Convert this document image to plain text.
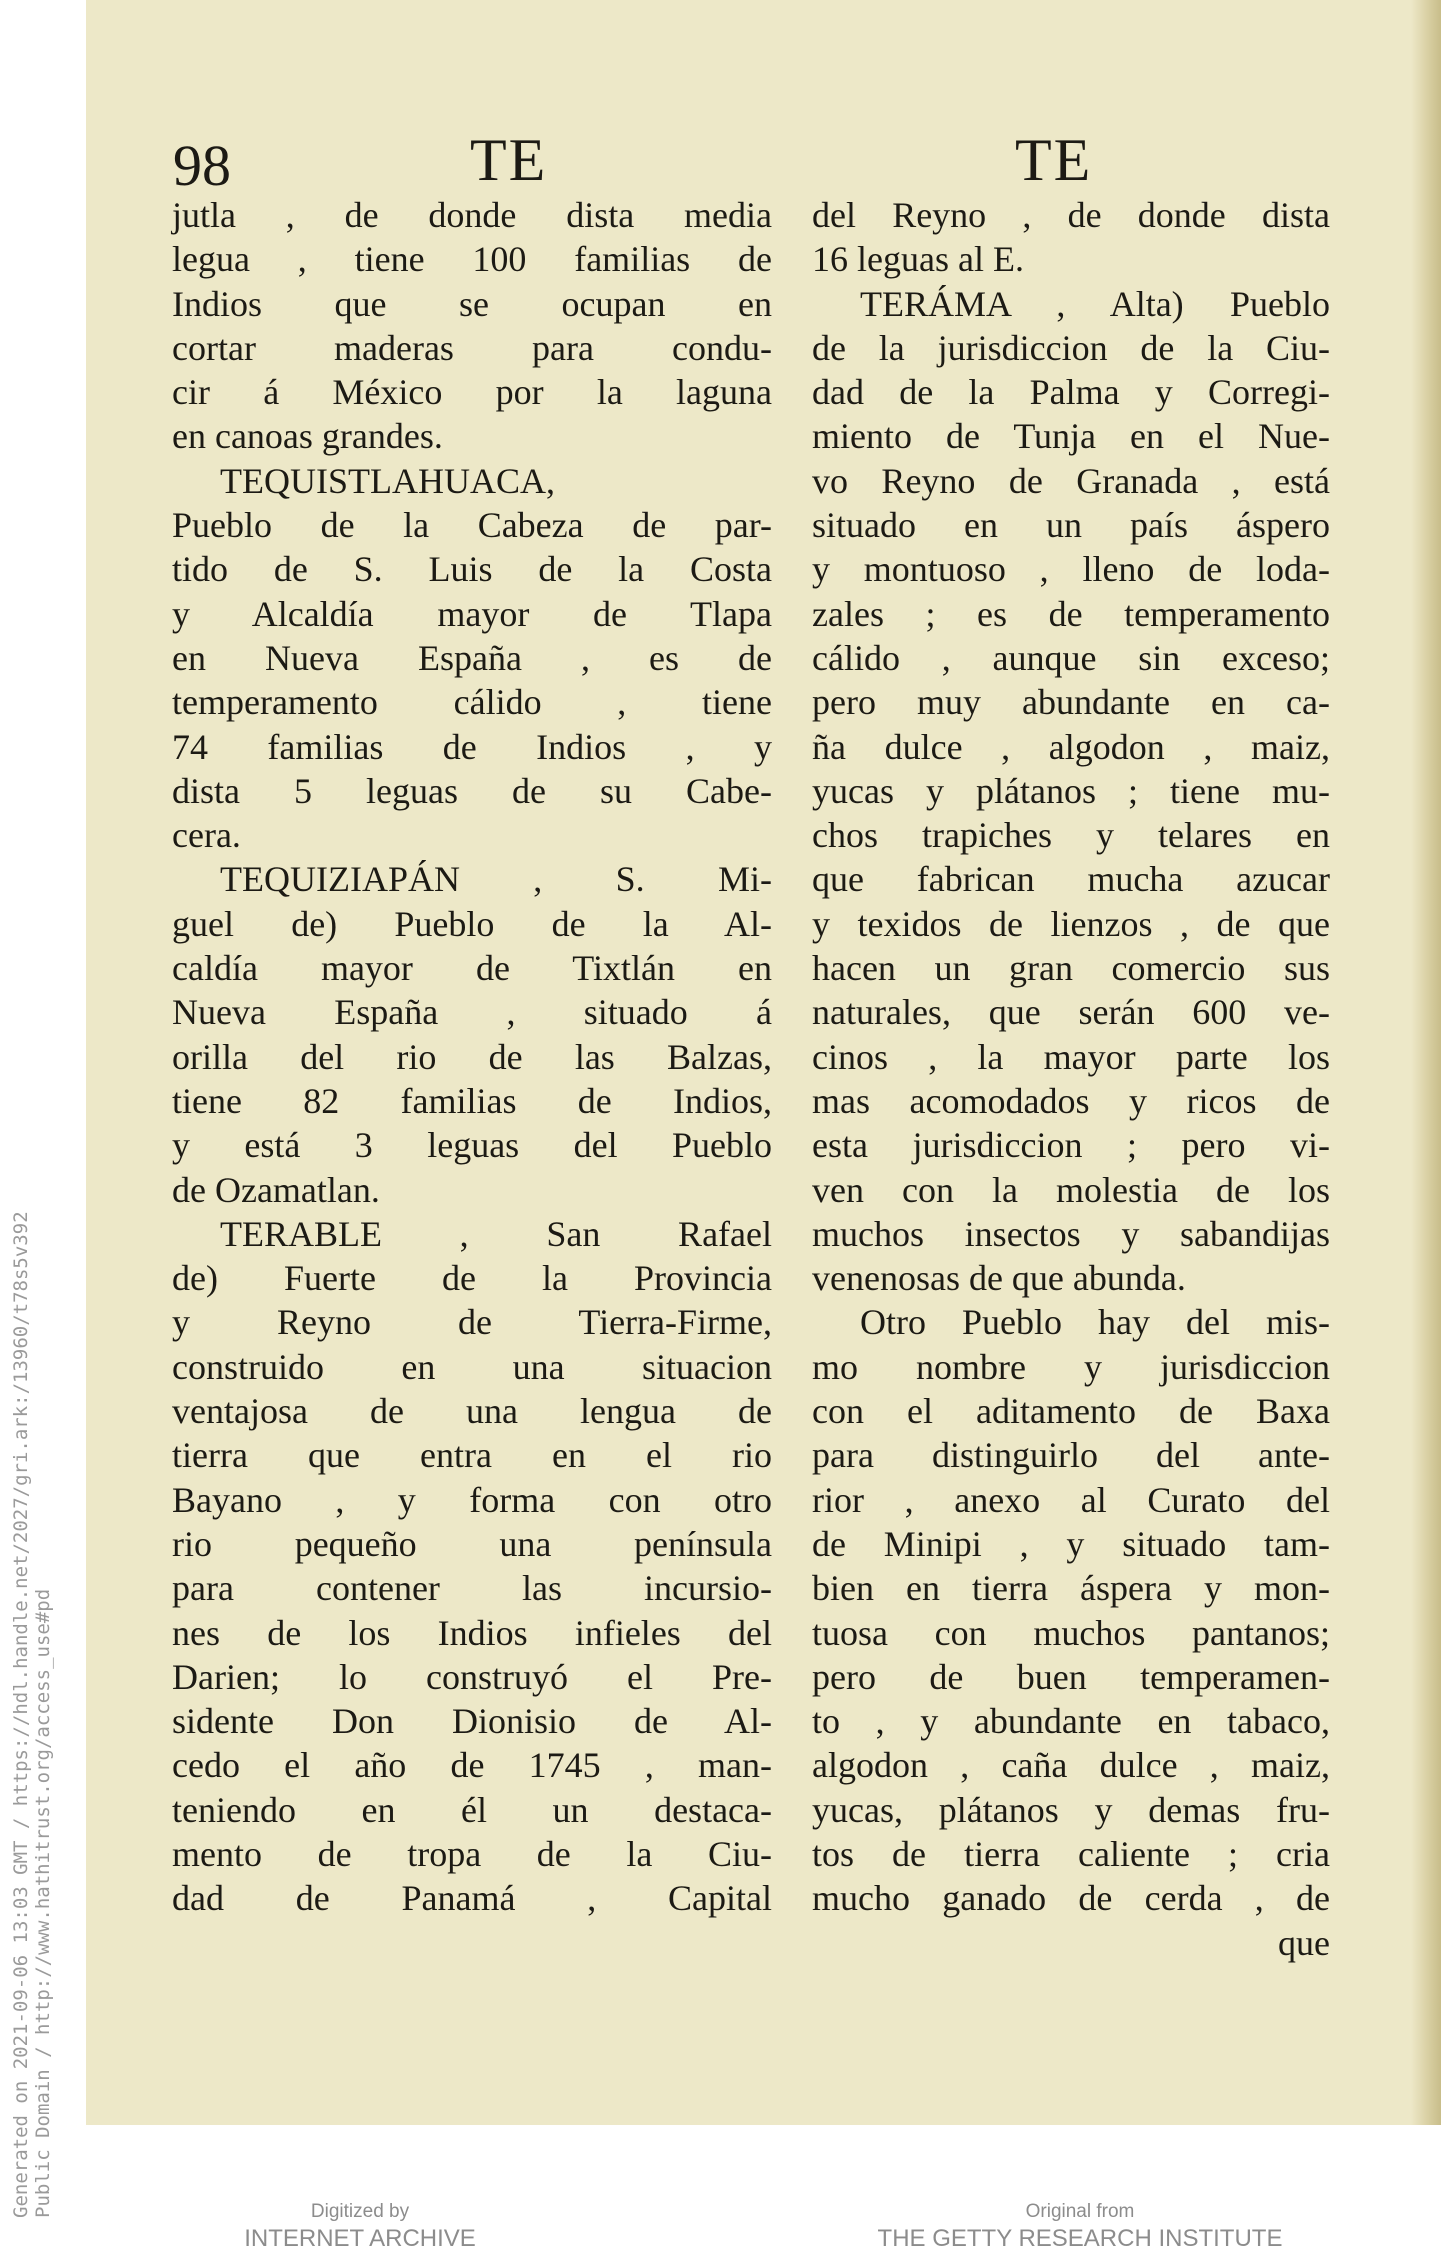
Generated on 2021-09-06 13:03 GMT / https://hdl.handle.net/2027/gri.ark:/13960/t78s5v392 Public Domain / http://www.hathitrust.org/access_use#pd
98	TE	TE
jutla , de donde dista media
legua , tiene 100 familias de
Indios que se ocupan en
cortar maderas para condu-
cir á México por la laguna
en canoas grandes.
TEQUISTLAHUACA,
Pueblo de la Cabeza de par-
tido de S. Luis de la Costa
y Alcaldía mayor de Tlapa
en Nueva España , es de
temperamento cálido , tiene
74 familias de Indios , y
dista 5 leguas de su Cabe-
cera.
TEQUIZIAPÁN , S. Mi-
guel de) Pueblo de la Al-
caldía mayor de Tixtlán en
Nueva España , situado á
orilla del rio de las Balzas,
tiene 82 familias de Indios,
y está 3 leguas del Pueblo
de Ozamatlan.
TERABLE , San Rafael
de) Fuerte de la Provincia
y Reyno de Tierra-Firme,
construido en una situacion
ventajosa de una lengua de
tierra que entra en el rio
Bayano , y forma con otro
rio pequeño una península
para contener las incursio-
nes de los Indios infieles del
Darien; lo construyó el Pre-
sidente Don Dionisio de Al-
cedo el año de 1745 , man-
teniendo en él un destaca-
mento de tropa de la Ciu-
dad de Panamá , Capital
del Reyno , de donde dista
16 leguas al E.
TERÁMA , Alta) Pueblo
de la jurisdiccion de la Ciu-
dad de la Palma y Corregi-
miento de Tunja en el Nue-
vo Reyno de Granada , está
situado en un país áspero
y montuoso , lleno de loda-
zales ; es de temperamento
cálido , aunque sin exceso;
pero muy abundante en ca-
ña dulce , algodon , maiz,
yucas y plátanos ; tiene mu-
chos trapiches y telares en
que fabrican mucha azucar
y texidos de lienzos , de que
hacen un gran comercio sus
naturales, que serán 600 ve-
cinos , la mayor parte los
mas acomodados y ricos de
esta jurisdiccion ; pero vi-
ven con la molestia de los
muchos insectos y sabandijas
venenosas de que abunda.
Otro Pueblo hay del mis-
mo nombre y jurisdiccion
con el aditamento de Baxa
para distinguirlo del ante-
rior , anexo al Curato del
de Minipi , y situado tam-
bien en tierra áspera y mon-
tuosa con muchos pantanos;
pero de buen temperamen-
to , y abundante en tabaco,
algodon , caña dulce , maiz,
yucas, plátanos y demas fru-
tos de tierra caliente ; cria
mucho ganado de cerda , de
que
Digitized by
INTERNET ARCHIVE
Original from
THE GETTY RESEARCH INSTITUTE
